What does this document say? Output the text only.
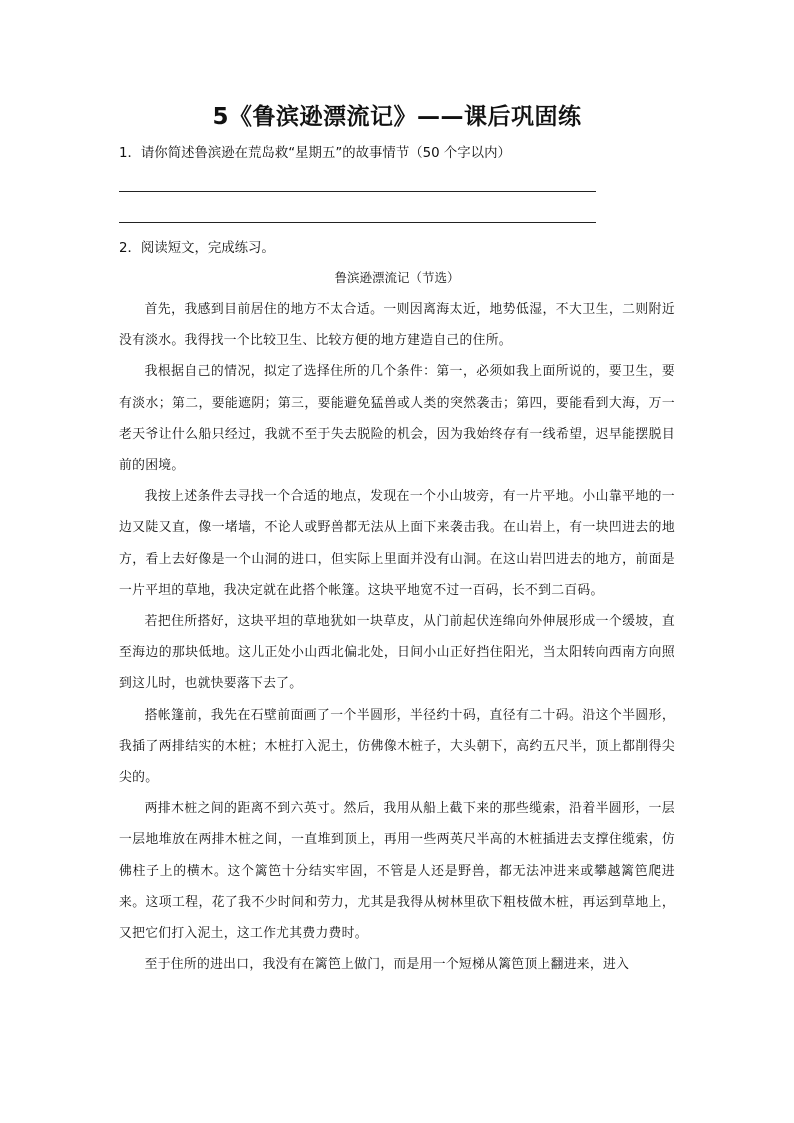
5《鲁滨逊漂流记》——课后巩固练
1．请你简述鲁滨逊在荒岛救“星期五”的故事情节（50 个字以内）
2．阅读短文，完成练习。
鲁滨逊漂流记（节选）

首先，我感到目前居住的地方不太合适。一则因离海太近，地势低湿，不大卫生，二则附近没有淡水。我得找一个比较卫生、比较方便的地方建造自己的住所。

我根据自己的情况，拟定了选择住所的几个条件：第一，必须如我上面所说的，要卫生，要有淡水；第二，要能遮阴；第三，要能避免猛兽或人类的突然袭击；第四，要能看到大海，万一老天爷让什么船只经过，我就不至于失去脱险的机会，因为我始终存有一线希望，迟早能摆脱目前的困境。

我按上述条件去寻找一个合适的地点，发现在一个小山坡旁，有一片平地。小山靠平地的一边又陡又直，像一堵墙，不论人或野兽都无法从上面下来袭击我。在山岩上，有一块凹进去的地方，看上去好像是一个山洞的进口，但实际上里面并没有山洞。在这山岩凹进去的地方，前面是一片平坦的草地，我决定就在此搭个帐篷。这块平地宽不过一百码，长不到二百码。

若把住所搭好，这块平坦的草地犹如一块草皮，从门前起伏连绵向外伸展形成一个缓坡，直至海边的那块低地。这儿正处小山西北偏北处，日间小山正好挡住阳光，当太阳转向西南方向照到这儿时，也就快要落下去了。

搭帐篷前，我先在石壁前面画了一个半圆形，半径约十码，直径有二十码。沿这个半圆形，我插了两排结实的木桩；木桩打入泥土，仿佛像木桩子，大头朝下，高约五尺半，顶上都削得尖尖的。

两排木桩之间的距离不到六英寸。然后，我用从船上截下来的那些缆索，沿着半圆形，一层一层地堆放在两排木桩之间，一直堆到顶上，再用一些两英尺半高的木桩插进去支撑住缆索，仿佛柱子上的横木。这个篱笆十分结实牢固，不管是人还是野兽，都无法冲进来或攀越篱笆爬进来。这项工程，花了我不少时间和劳力，尤其是我得从树林里砍下粗枝做木桩，再运到草地上，又把它们打入泥土，这工作尤其费力费时。

至于住所的进出口，我没有在篱笆上做门，而是用一个短梯从篱笆顶上翻进来，进入
